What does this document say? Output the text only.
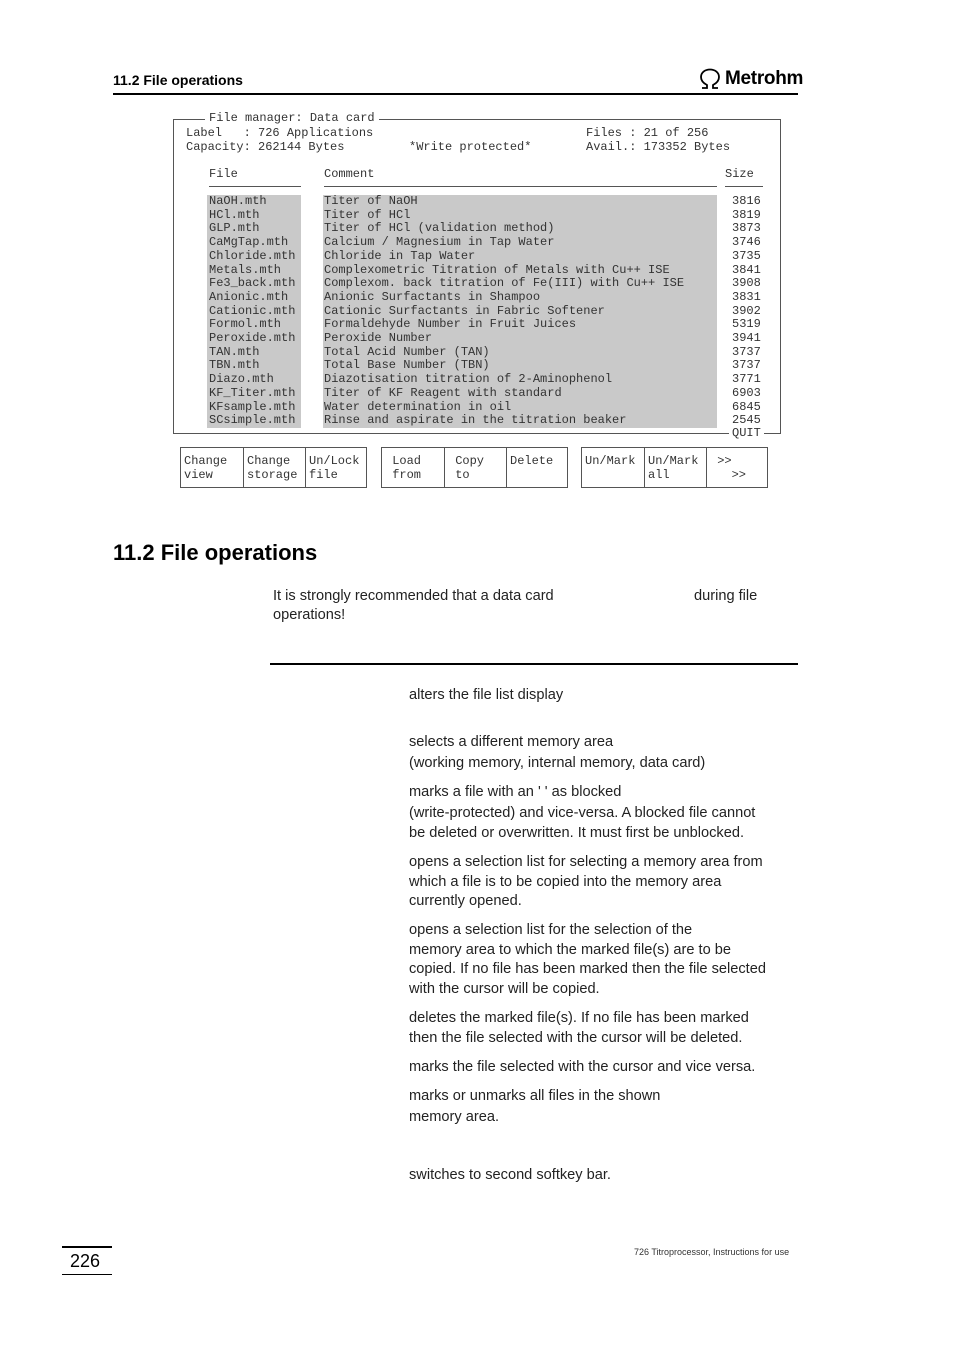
11.2 File operations	Metrohm
File manager: Data card
Label   : 726 Applications	Files : 21 of 256
Capacity: 262144 Bytes	*Write protected*	Avail.: 173352 Bytes
File	Comment	Size
NaOH.mth	Titer of NaOH	3816
HCl.mth	Titer of HCl	3819
GLP.mth	Titer of HCl (validation method)	3873
CaMgTap.mth	Calcium / Magnesium in Tap Water	3746
Chloride.mth Chloride in Tap Water	3735
Metals.mth	Complexometric Titration of Metals with Cu++ ISE	3841
Fe3_back.mth Complexom. back titration of Fe(III) with Cu++ ISE	3908
Anionic.mth	Anionic Surfactants in Shampoo	3831
Cationic.mth Cationic Surfactants in Fabric Softener	3902
Formol.mth	Formaldehyde Number in Fruit Juices	5319
Peroxide.mth Peroxide Number	3941
TAN.mth	Total Acid Number (TAN)	3737
TBN.mth	Total Base Number (TBN)	3737
Diazo.mth	Diazotisation titration of 2-Aminophenol	3771
KF_Titer.mth Titer of KF Reagent with standard	6903
KFsample.mth Water determination in oil	6845
SCsimple.mth Rinse and aspirate in the titration beaker	2545
QUIT
Change
view
Change
storage
Un/Lock
file
Load
from
Copy
to
Delete	Un/Mark	Un/Mark
all
>>
>>
11.2 File operations
It is strongly recommended that a data card	during file
operations!
alters the file list display
selects a different memory area
(working memory, internal memory, data card)
marks a file with an ' ' as blocked
(write-protected) and vice-versa. A blocked file cannot
be deleted or overwritten. It must first be unblocked.
opens a selection list for selecting a memory area from
which a file is to be copied into the memory area
currently opened.
opens a selection list for the selection of the
memory area to which the marked file(s) are to be
copied. If no file has been marked then the file selected
with the cursor will be copied.
deletes the marked file(s). If no file has been marked
then the file selected with the cursor will be deleted.
marks the file selected with the cursor and vice versa.
marks or unmarks all files in the shown
memory area.
switches to second softkey bar.
226	726 Titroprocessor, Instructions for use
